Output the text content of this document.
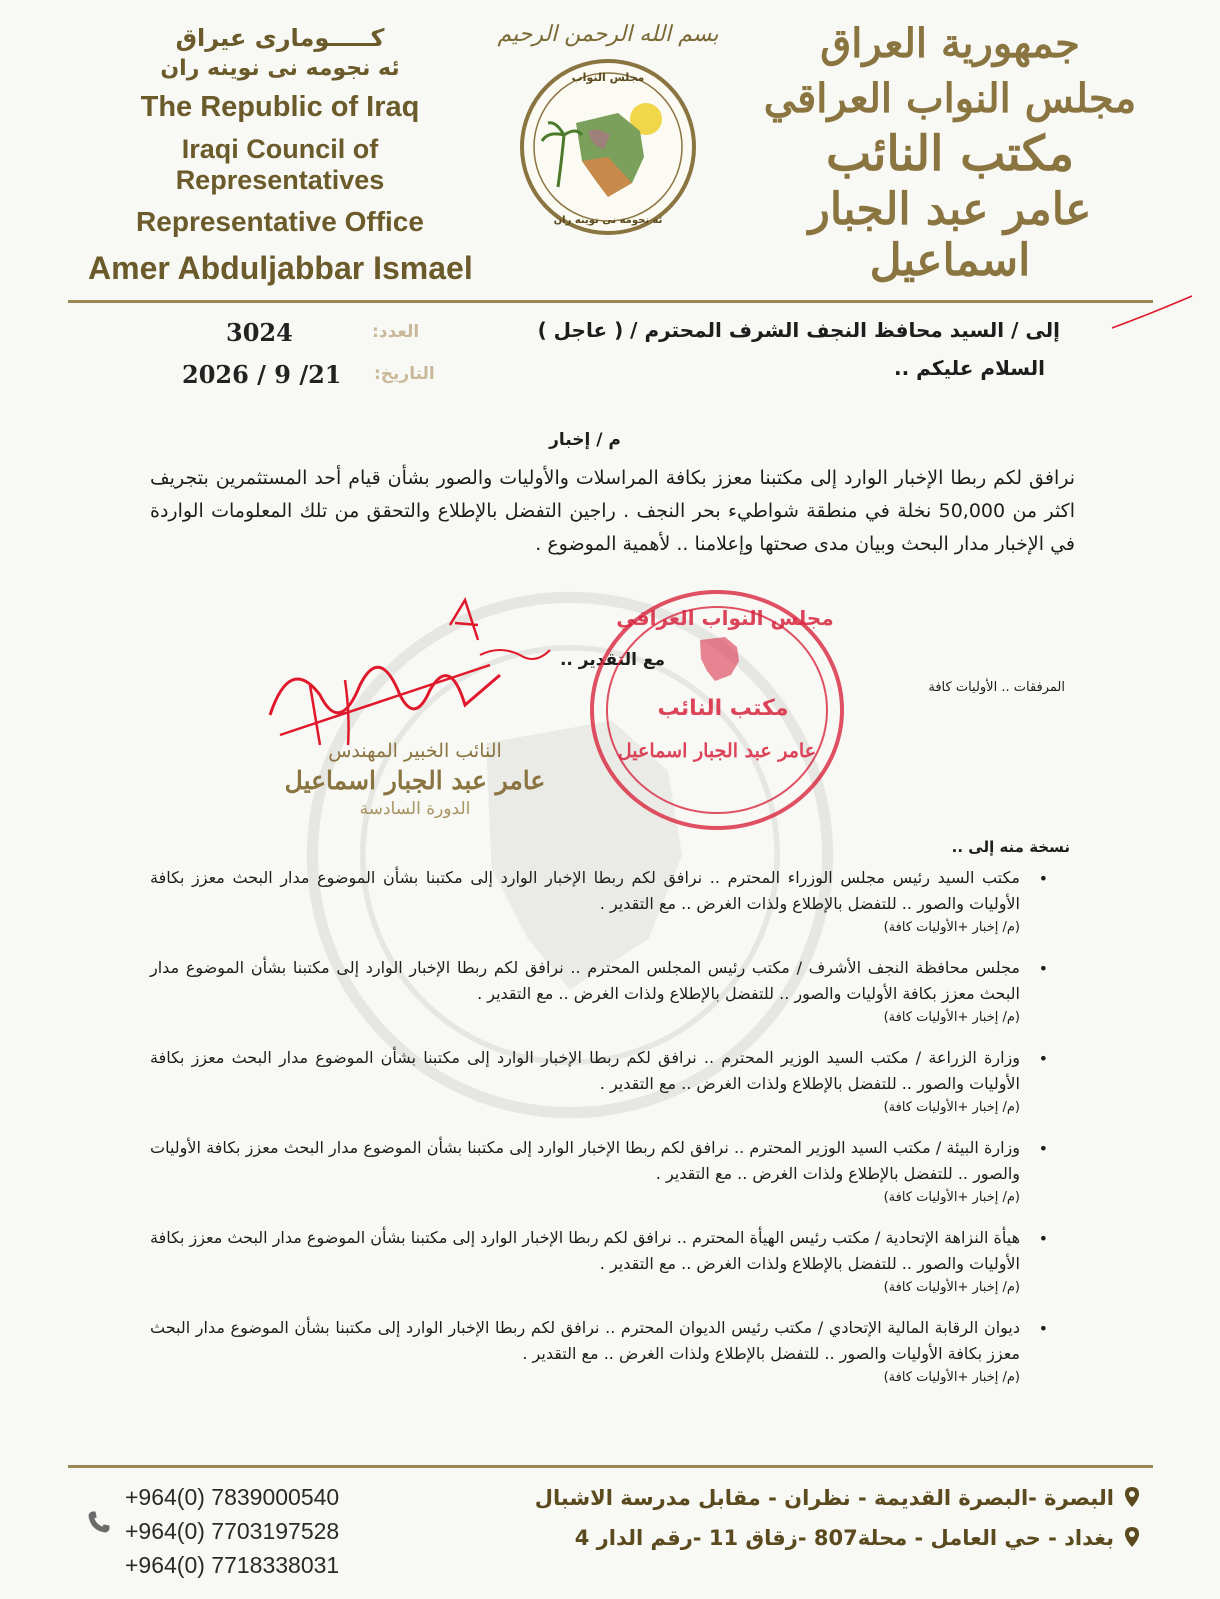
كـــــوماری عیراق
ئه نجومه نی نوینه ران
The Republic of Iraq
Iraqi Council of Representatives
Representative Office
Amer Abduljabbar Ismael
بسم الله الرحمن الرحيم
مجلس النواب
ئه نجومه نی نوینه ران
جمهورية العراق
مجلس النواب العراقي
مكتب النائب
عامر عبد الجبار اسماعيل
العدد:
3024
التاريخ:
2026 / 9 /21
إلى / السيد محافظ النجف الشرف المحترم / ( عاجل )
السلام عليكم ..
م / إخبار
نرافق لكم ربطا الإخبار الوارد إلى مكتبنا معزز بكافة المراسلات والأوليات والصور بشأن قيام أحد المستثمرين بتجريف اكثر من 50,000 نخلة في منطقة شواطيء بحر النجف . راجين التفضل بالإطلاع والتحقق من تلك المعلومات الواردة في الإخبار مدار البحث وبيان مدى صحتها وإعلامنا .. لأهمية الموضوع .
مع التقدير ..
المرفقات .. الأوليات كافة
النائب الخبير المهندس
عامر عبد الجبار اسماعيل
الدورة السادسة
مجلس النواب العراقي
مكتب النائب
عامر عبد الجبار اسماعيل
نسخة منه إلى ..
•
مكتب السيد رئيس مجلس الوزراء المحترم .. نرافق لكم ربطا الإخبار الوارد إلى مكتبنا بشأن الموضوع مدار البحث معزز بكافة الأوليات والصور .. للتفضل بالإطلاع ولذات الغرض .. مع التقدير .
(م/ إخبار +الأوليات كافة)
•
مجلس محافظة النجف الأشرف / مكتب رئيس المجلس المحترم .. نرافق لكم ربطا الإخبار الوارد إلى مكتبنا بشأن الموضوع مدار البحث معزز بكافة الأوليات والصور .. للتفضل بالإطلاع ولذات الغرض .. مع التقدير .
(م/ إخبار +الأوليات كافة)
•
وزارة الزراعة / مكتب السيد الوزير المحترم .. نرافق لكم ربطا الإخبار الوارد إلى مكتبنا بشأن الموضوع مدار البحث معزز بكافة الأوليات والصور .. للتفضل بالإطلاع ولذات الغرض .. مع التقدير .
(م/ إخبار +الأوليات كافة)
•
وزارة البيئة / مكتب السيد الوزير المحترم .. نرافق لكم ربطا الإخبار الوارد إلى مكتبنا بشأن الموضوع مدار البحث معزز بكافة الأوليات والصور .. للتفضل بالإطلاع ولذات الغرض .. مع التقدير .
(م/ إخبار +الأوليات كافة)
•
هيأة النزاهة الإتحادية / مكتب رئيس الهيأة المحترم .. نرافق لكم ربطا الإخبار الوارد إلى مكتبنا بشأن الموضوع مدار البحث معزز بكافة الأوليات والصور .. للتفضل بالإطلاع ولذات الغرض .. مع التقدير .
(م/ إخبار +الأوليات كافة)
•
ديوان الرقابة المالية الإتحادي / مكتب رئيس الديوان المحترم .. نرافق لكم ربطا الإخبار الوارد إلى مكتبنا بشأن الموضوع مدار البحث معزز بكافة الأوليات والصور .. للتفضل بالإطلاع ولذات الغرض .. مع التقدير .
(م/ إخبار +الأوليات كافة)
+964(0) 7839000540
+964(0) 7703197528
+964(0) 7718338031
البصرة -البصرة القديمة - نظران - مقابل مدرسة الاشبال
بغداد - حي العامل - محلة807 -زقاق 11 -رقم الدار 4
